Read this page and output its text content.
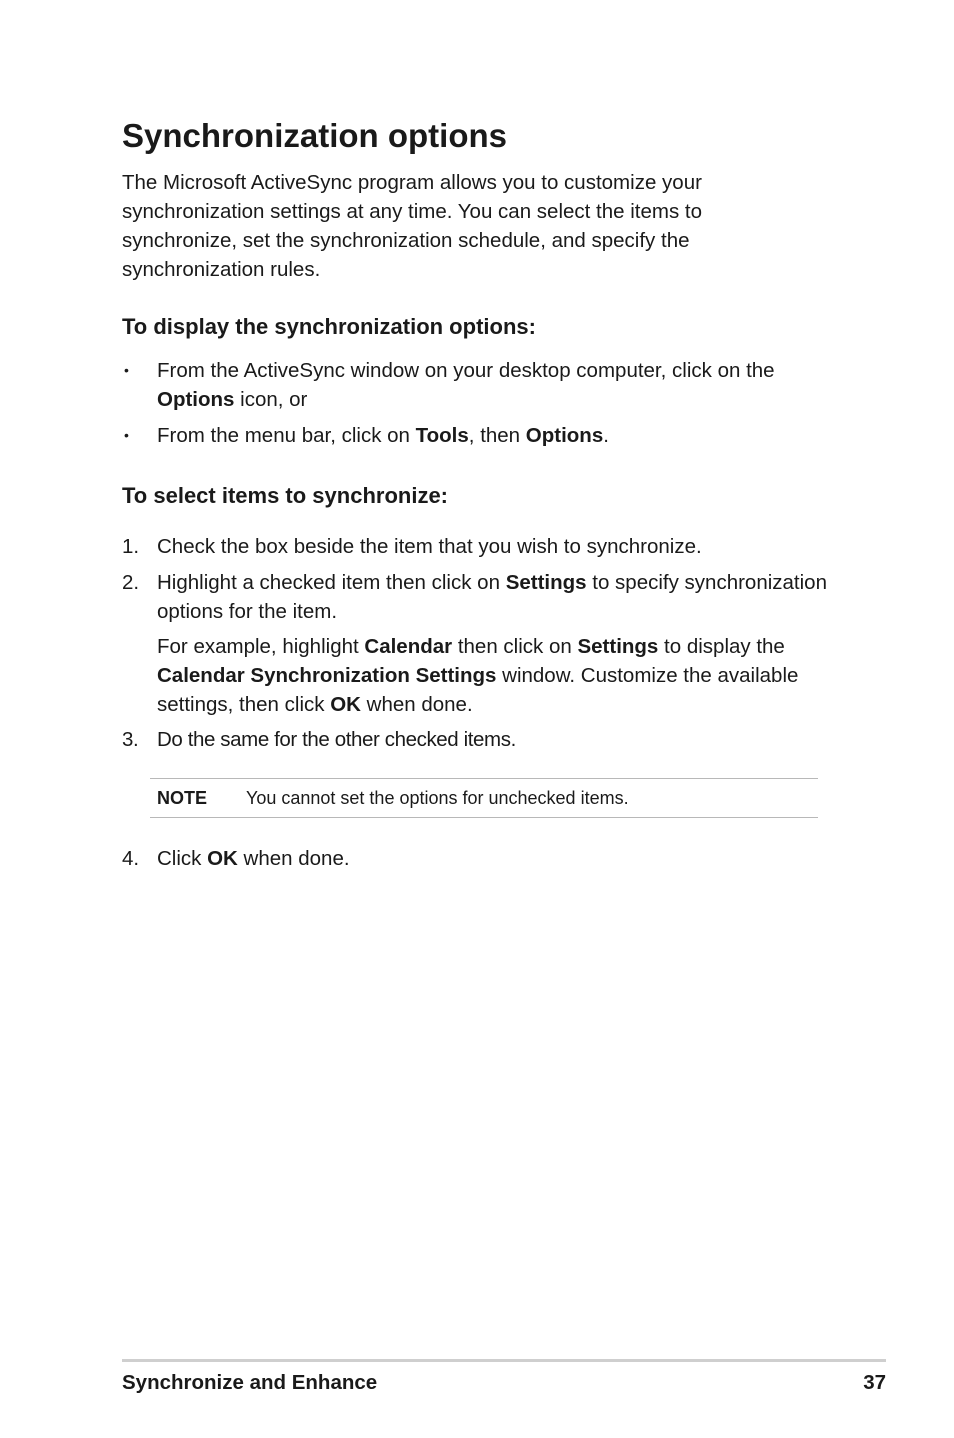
Synchronization options

The Microsoft ActiveSync program allows you to customize your synchronization settings at any time. You can select the items to synchronize, set the synchronization schedule, and specify the synchronization rules.

To display the synchronization options:
•	From the ActiveSync window on your desktop computer, click on the Options icon, or
•	From the menu bar, click on Tools, then Options.
To select items to synchronize:
1. Check the box beside the item that you wish to synchronize.
2. Highlight a checked item then click on Settings to specify synchronization options for the item.
For example, highlight Calendar then click on Settings to display the Calendar Synchronization Settings window. Customize the available settings, then click OK when done.
3. Do the same for the other checked items.
NOTE You cannot set the options for unchecked items.
4. Click OK when done.
Synchronize and Enhance	37
